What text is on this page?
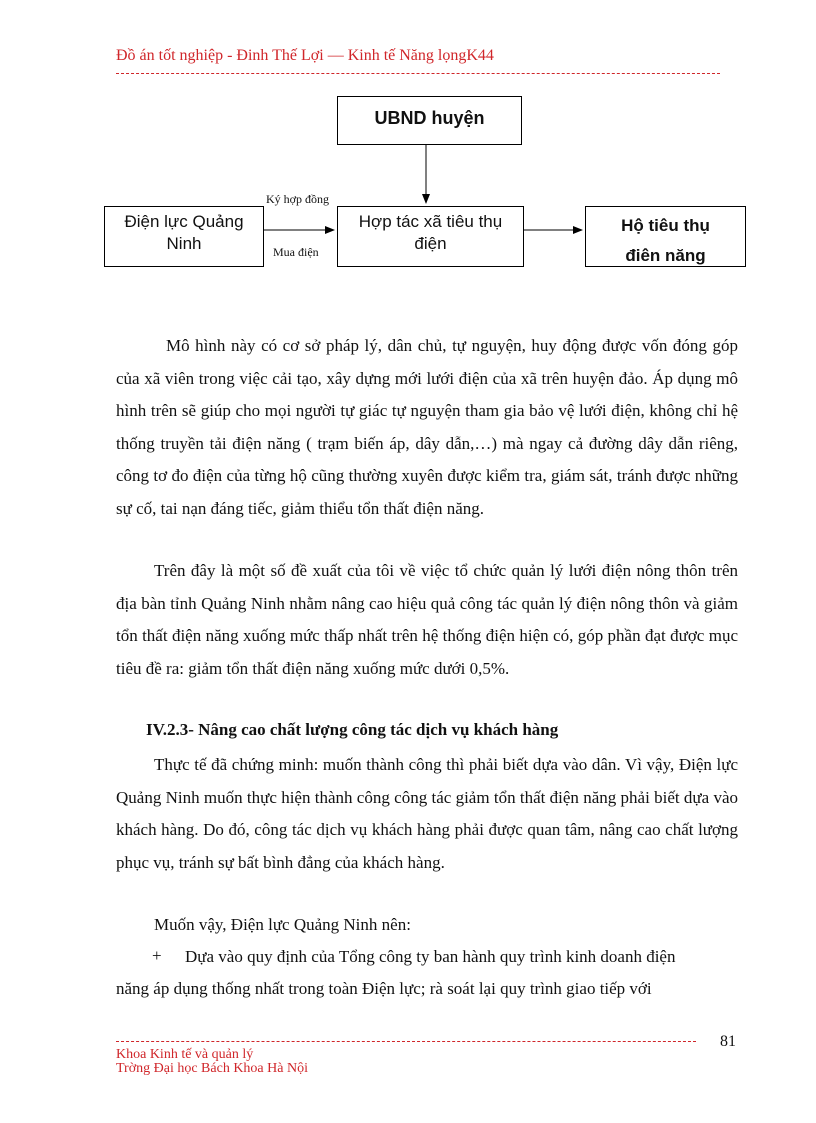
Đồ án tốt nghiệp - Đinh Thế Lợi — Kinh tế Năng lọngK44
UBND huyện
Điện lực Quảng Ninh
Hợp tác xã tiêu thụ điện
Hộ tiêu thụ điên năng
Ký hợp đồng
Mua điện

Mô hình này có cơ sở pháp lý, dân chủ, tự nguyện, huy động được vốn đóng góp của xã viên trong việc cải tạo, xây dựng mới lưới điện của xã trên huyện đảo. Áp dụng mô hình trên sẽ giúp cho mọi người tự giác tự nguyện tham gia bảo vệ lưới điện, không chỉ hệ thống truyền tải điện năng ( trạm biến áp, dây dẫn,…) mà ngay cả đường dây dẫn riêng, công tơ đo điện của từng hộ cũng thường xuyên được kiểm tra, giám sát, tránh được những sự cố, tai nạn đáng tiếc, giảm thiểu tổn thất điện năng.

Trên đây là một số đề xuất của tôi về việc tổ chức quản lý lưới điện nông thôn trên địa bàn tỉnh Quảng Ninh nhằm nâng cao hiệu quả công tác quản lý điện nông thôn và giảm tổn thất điện năng xuống mức thấp nhất trên hệ thống điện hiện có, góp phần đạt được mục tiêu đề ra: giảm tổn thất điện năng xuống mức dưới 0,5%.

IV.2.3- Nâng cao chất lượng công tác dịch vụ khách hàng

Thực tế đã chứng minh: muốn thành công thì phải biết dựa vào dân. Vì vậy, Điện lực Quảng Ninh muốn thực hiện thành công công tác giảm tổn thất điện năng phải biết dựa vào khách hàng. Do đó, công tác dịch vụ khách hàng phải được quan tâm, nâng cao chất lượng phục vụ, tránh sự bất bình đẳng của khách hàng.

Muốn vậy, Điện lực Quảng Ninh nên:

+ Dựa vào quy định của Tổng công ty ban hành quy trình kinh doanh điện
năng áp dụng thống nhất trong toàn Điện lực; rà soát lại quy trình giao tiếp với
81
Khoa Kinh tế và quản lý
Trờng Đại học Bách Khoa Hà Nội
